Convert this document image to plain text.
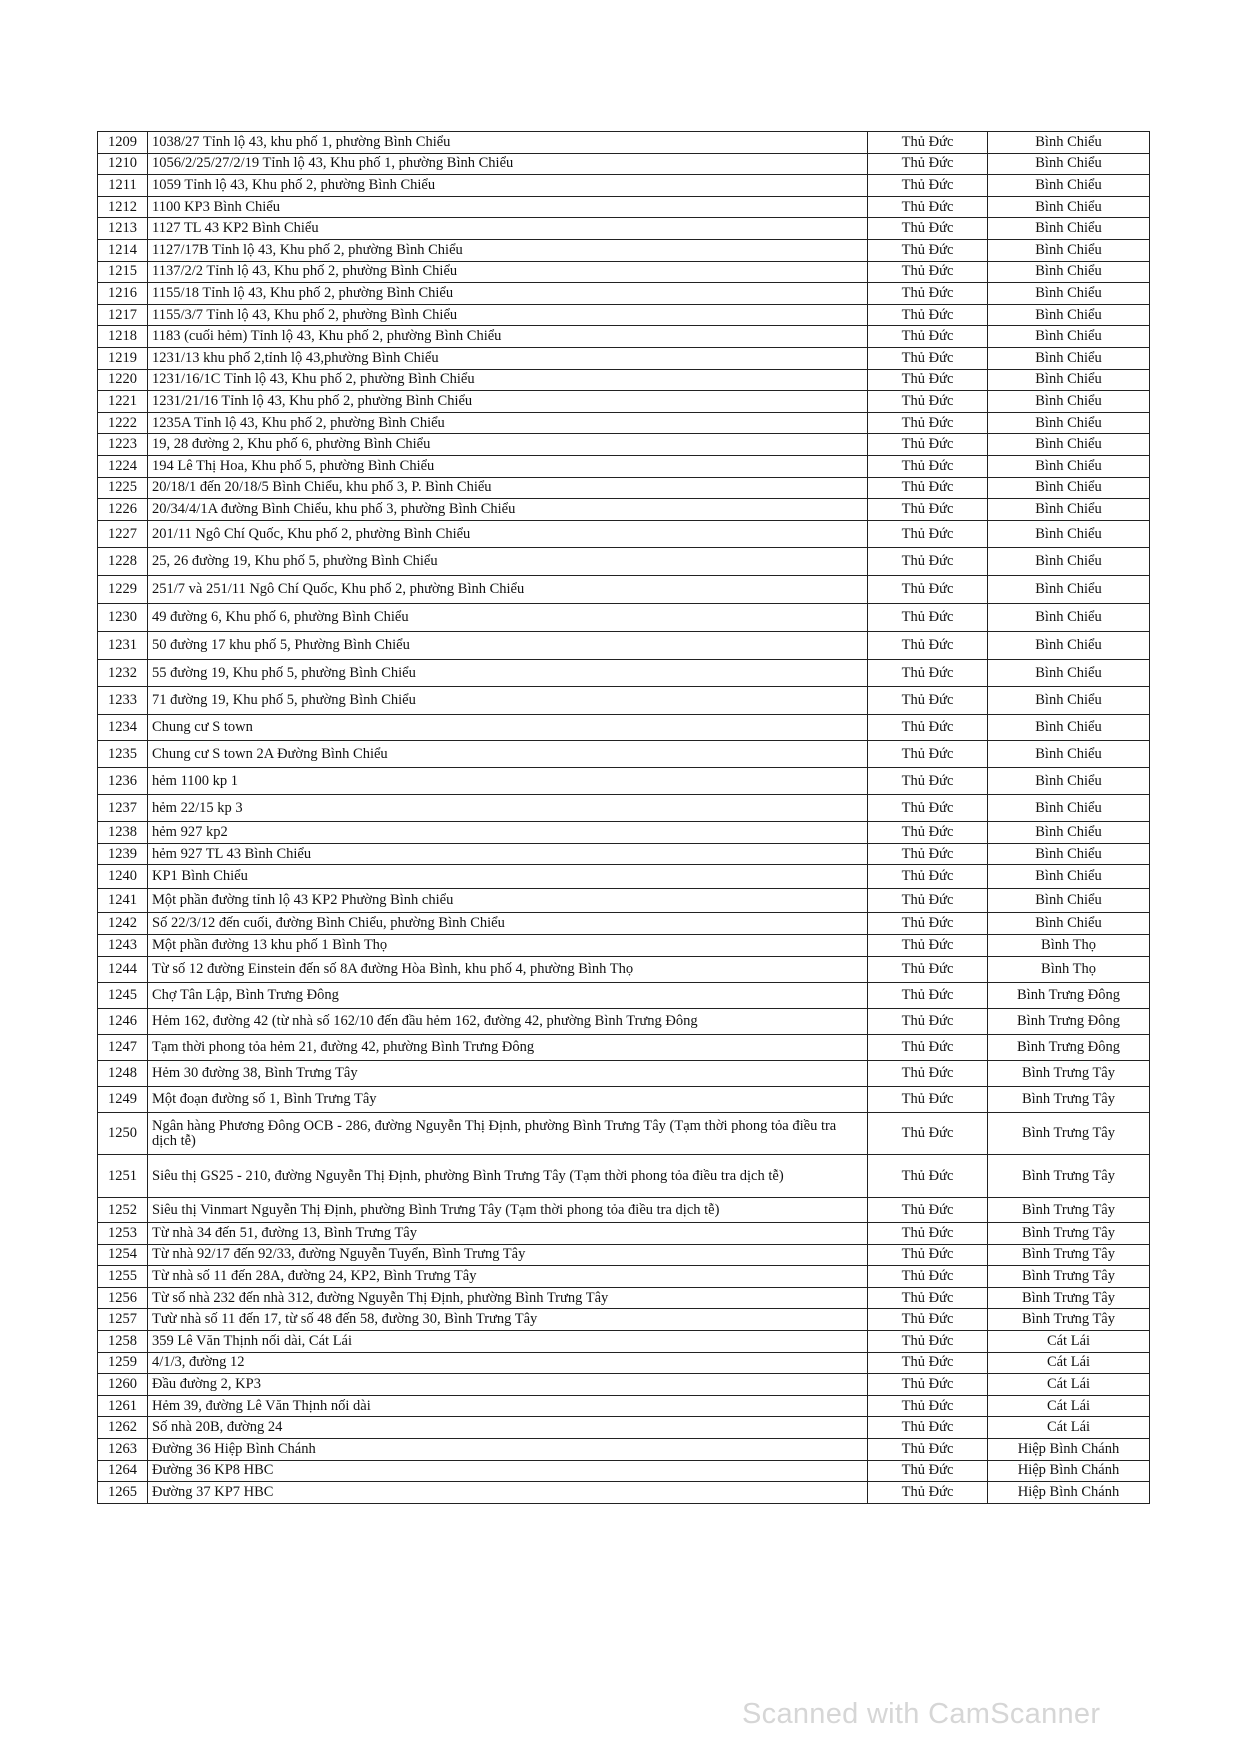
1209	1038/27 Tỉnh lộ 43, khu phố 1, phường Bình Chiểu	Thủ Đức	Bình Chiểu
1210	1056/2/25/27/2/19 Tỉnh lộ 43, Khu phố 1, phường Bình Chiểu	Thủ Đức	Bình Chiểu
1211	1059 Tỉnh lộ 43, Khu phố 2, phường Bình Chiểu	Thủ Đức	Bình Chiểu
1212	1100 KP3 Bình Chiểu	Thủ Đức	Bình Chiểu
1213	1127 TL 43 KP2 Bình Chiểu	Thủ Đức	Bình Chiểu
1214	1127/17B Tỉnh lộ 43, Khu phố 2, phường Bình Chiểu	Thủ Đức	Bình Chiểu
1215	1137/2/2 Tỉnh lộ 43, Khu phố 2, phường Bình Chiểu	Thủ Đức	Bình Chiểu
1216	1155/18 Tỉnh lộ 43, Khu phố 2, phường Bình Chiểu	Thủ Đức	Bình Chiểu
1217	1155/3/7 Tỉnh lộ 43, Khu phố 2, phường Bình Chiểu	Thủ Đức	Bình Chiểu
1218	1183 (cuối hẻm) Tỉnh lộ 43, Khu phố 2, phường Bình Chiểu	Thủ Đức	Bình Chiểu
1219	1231/13 khu phố 2,tỉnh lộ 43,phường Bình Chiểu	Thủ Đức	Bình Chiểu
1220	1231/16/1C Tỉnh lộ 43, Khu phố 2, phường Bình Chiểu	Thủ Đức	Bình Chiểu
1221	1231/21/16 Tỉnh lộ 43, Khu phố 2, phường Bình Chiểu	Thủ Đức	Bình Chiểu
1222	1235A Tỉnh lộ 43, Khu phố 2, phường Bình Chiểu	Thủ Đức	Bình Chiểu
1223	19, 28 đường 2, Khu phố 6, phường Bình Chiểu	Thủ Đức	Bình Chiểu
1224	194 Lê Thị Hoa, Khu phố 5, phường Bình Chiểu	Thủ Đức	Bình Chiểu
1225	20/18/1 đến 20/18/5 Bình Chiểu, khu phố 3, P. Bình Chiểu	Thủ Đức	Bình Chiểu
1226	20/34/4/1A đường Bình Chiểu, khu phố 3, phường Bình Chiểu	Thủ Đức	Bình Chiểu
1227	201/11 Ngô Chí Quốc, Khu phố 2, phường Bình Chiểu	Thủ Đức	Bình Chiểu
1228	25, 26 đường 19, Khu phố 5, phường Bình Chiểu	Thủ Đức	Bình Chiểu
1229	251/7 và 251/11 Ngô Chí Quốc, Khu phố 2, phường Bình Chiểu	Thủ Đức	Bình Chiểu
1230	49 đường 6, Khu phố 6, phường Bình Chiểu	Thủ Đức	Bình Chiểu
1231	50 đường 17 khu phố 5, Phường Bình Chiểu	Thủ Đức	Bình Chiểu
1232	55 đường 19, Khu phố 5, phường Bình Chiểu	Thủ Đức	Bình Chiểu
1233	71 đường 19, Khu phố 5, phường Bình Chiểu	Thủ Đức	Bình Chiểu
1234	Chung cư S town	Thủ Đức	Bình Chiểu
1235	Chung cư S town 2A Đường Bình Chiểu	Thủ Đức	Bình Chiểu
1236	hẻm 1100 kp 1	Thủ Đức	Bình Chiểu
1237	hẻm 22/15 kp 3	Thủ Đức	Bình Chiểu
1238	hẻm 927 kp2	Thủ Đức	Bình Chiểu
1239	hẻm 927 TL 43 Bình Chiểu	Thủ Đức	Bình Chiểu
1240	KP1 Bình Chiểu	Thủ Đức	Bình Chiểu
1241	Một phần đường tỉnh lộ 43 KP2 Phường Bình chiểu	Thủ Đức	Bình Chiểu
1242	Số 22/3/12 đến cuối, đường Bình Chiểu, phường Bình Chiểu	Thủ Đức	Bình Chiểu
1243	Một phần đường 13 khu phố 1 Bình Thọ	Thủ Đức	Bình Thọ
1244	Từ số 12 đường Einstein đến số 8A đường Hòa Bình, khu phố 4, phường Bình Thọ	Thủ Đức	Bình Thọ
1245	Chợ Tân Lập, Bình Trưng Đông	Thủ Đức	Bình Trưng Đông
1246	Hẻm 162, đường 42 (từ nhà số 162/10 đến đầu hẻm 162, đường 42, phường Bình Trưng Đông	Thủ Đức	Bình Trưng Đông
1247	Tạm thời phong tỏa hẻm 21, đường 42, phường Bình Trưng Đông	Thủ Đức	Bình Trưng Đông
1248	Hẻm 30 đường 38, Bình Trưng Tây	Thủ Đức	Bình Trưng Tây
1249	Một đoạn đường số 1, Bình Trưng Tây	Thủ Đức	Bình Trưng Tây
1250	Ngân hàng Phương Đông OCB - 286, đường Nguyễn Thị Định, phường Bình Trưng Tây (Tạm thời phong tỏa điều tra dịch tễ)	Thủ Đức	Bình Trưng Tây
1251	Siêu thị GS25 - 210, đường Nguyễn Thị Định, phường Bình Trưng Tây (Tạm thời phong tỏa điều tra dịch tễ)	Thủ Đức	Bình Trưng Tây
1252	Siêu thị Vinmart Nguyễn Thị Định, phường Bình Trưng Tây (Tạm thời phong tỏa điều tra dịch tễ)	Thủ Đức	Bình Trưng Tây
1253	Từ nhà 34 đến 51, đường 13, Bình Trưng Tây	Thủ Đức	Bình Trưng Tây
1254	Từ nhà 92/17 đến 92/33, đường Nguyễn Tuyển, Bình Trưng Tây	Thủ Đức	Bình Trưng Tây
1255	Từ nhà số 11 đến 28A, đường 24, KP2, Bình Trưng Tây	Thủ Đức	Bình Trưng Tây
1256	Từ số nhà 232 đến nhà 312, đường Nguyễn Thị Định, phường Bình Trưng Tây	Thủ Đức	Bình Trưng Tây
1257	Tưừ nhà số 11 đến 17, từ số 48 đến 58, đường 30, Bình Trưng Tây	Thủ Đức	Bình Trưng Tây
1258	359 Lê Văn Thịnh nối dài, Cát Lái	Thủ Đức	Cát Lái
1259	4/1/3, đường 12	Thủ Đức	Cát Lái
1260	Đầu đường 2, KP3	Thủ Đức	Cát Lái
1261	Hẻm 39, đường Lê Văn Thịnh nối dài	Thủ Đức	Cát Lái
1262	Số nhà 20B, đường 24	Thủ Đức	Cát Lái
1263	Đường 36 Hiệp Bình Chánh	Thủ Đức	Hiệp Bình Chánh
1264	Đường 36 KP8 HBC	Thủ Đức	Hiệp Bình Chánh
1265	Đường 37 KP7 HBC	Thủ Đức	Hiệp Bình Chánh
Scanned with CamScanner
